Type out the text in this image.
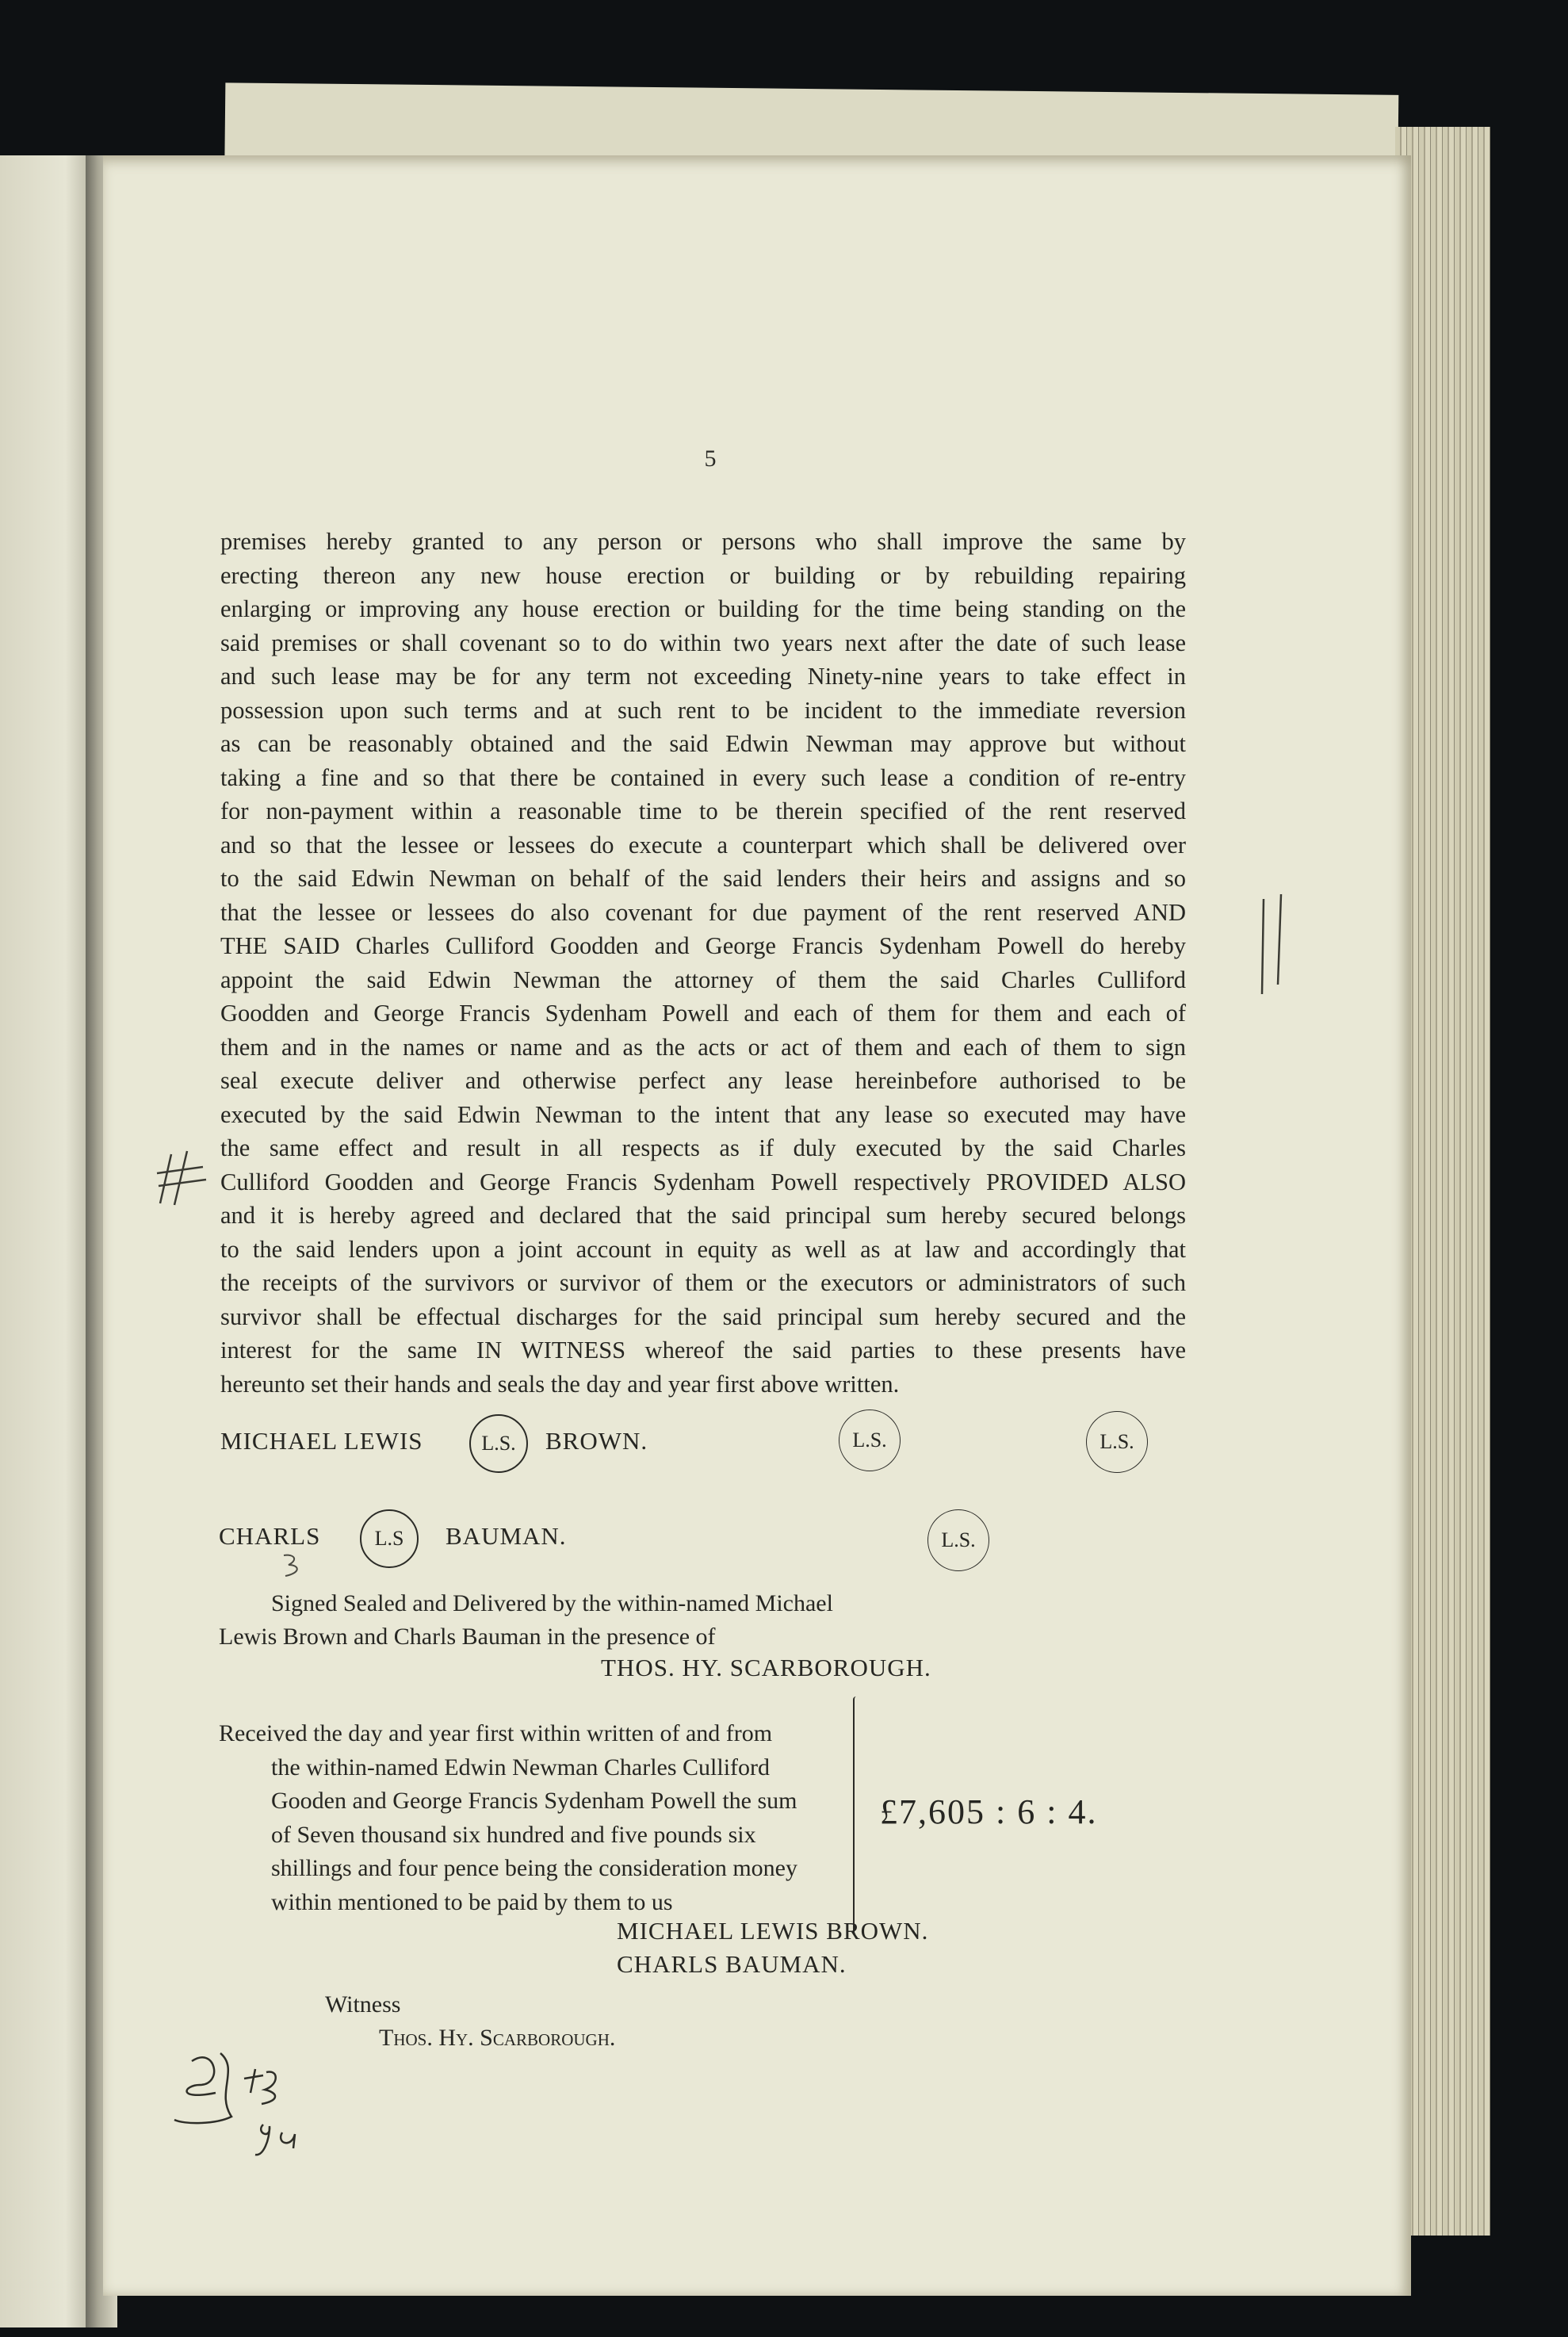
5
premises hereby granted to any person or persons who shall improve the same by
erecting thereon any new house erection or building or by rebuilding repairing
enlarging or improving any house erection or building for the time being standing on the
said premises or shall covenant so to do within two years next after the date of such lease
and such lease may be for any term not exceeding Ninety-nine years to take effect in
possession upon such terms and at such rent to be incident to the immediate reversion
as can be reasonably obtained and the said Edwin Newman may approve but without
taking a fine and so that there be contained in every such lease a condition of re-entry
for non-payment within a reasonable time to be therein specified of the rent reserved
and so that the lessee or lessees do execute a counterpart which shall be delivered over
to the said Edwin Newman on behalf of the said lenders their heirs and assigns and so
that the lessee or lessees do also covenant for due payment of the rent reserved AND
THE SAID Charles Culliford Goodden and George Francis Sydenham Powell do hereby
appoint the said Edwin Newman the attorney of them the said Charles Culliford
Goodden and George Francis Sydenham Powell and each of them for them and each of
them and in the names or name and as the acts or act of them and each of them to sign
seal execute deliver and otherwise perfect any lease hereinbefore authorised to be
executed by the said Edwin Newman to the intent that any lease so executed may have
the same effect and result in all respects as if duly executed by the said Charles
Culliford Goodden and George Francis Sydenham Powell respectively PROVIDED ALSO
and it is hereby agreed and declared that the said principal sum hereby secured belongs
to the said lenders upon a joint account in equity as well as at law and accordingly that
the receipts of the survivors or survivor of them or the executors or administrators of such
survivor shall be effectual discharges for the said principal sum hereby secured and the
interest for the same IN WITNESS whereof the said parties to these presents have
hereunto set their hands and seals the day and year first above written.
MICHAEL LEWIS	L.S.	BROWN.	L.S.	L.S.
CHARLS	L.S	BAUMAN.	L.S.
Signed Sealed and Delivered by the within-named Michael
Lewis Brown and Charls Bauman in the presence of
THOS. HY. SCARBOROUGH.
Received the day and year first within written of and from
the within-named Edwin Newman Charles Culliford
Gooden and George Francis Sydenham Powell the sum
of Seven thousand six hundred and five pounds six
shillings and four pence being the consideration money
within mentioned to be paid by them to us
£7,605 : 6 : 4.
MICHAEL LEWIS BROWN.
CHARLS BAUMAN.
Witness
Thos. Hy. Scarborough.
